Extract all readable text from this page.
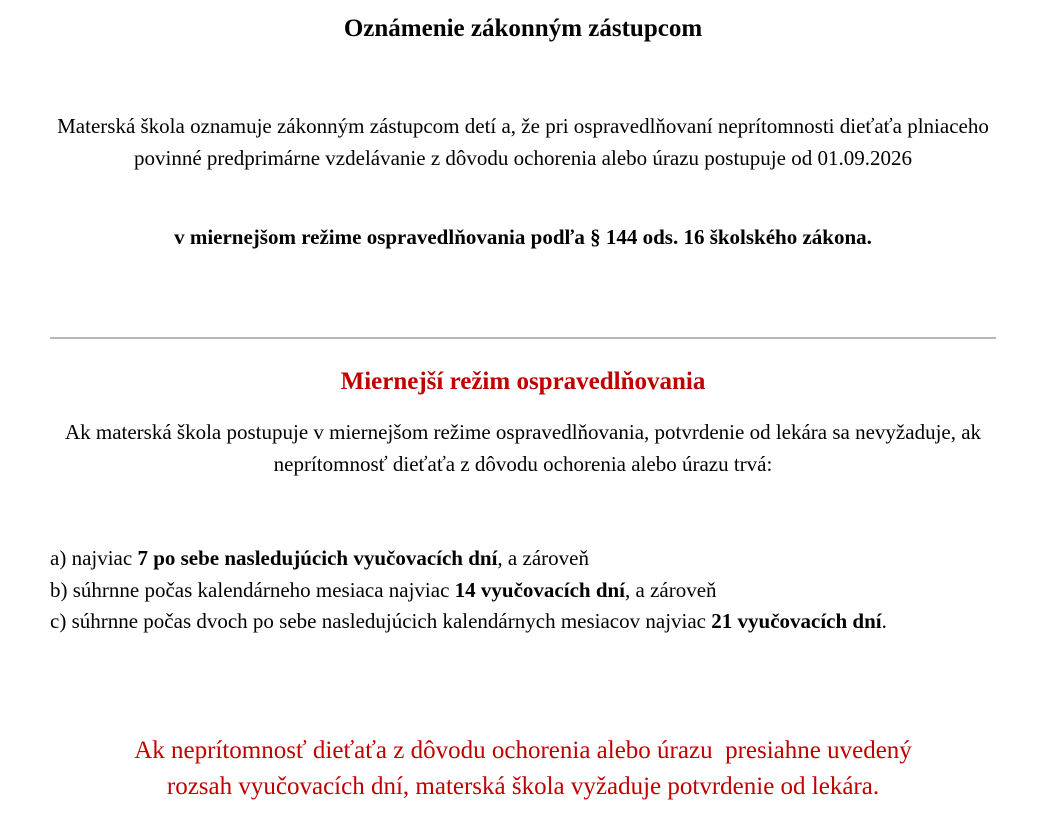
Oznámenie zákonným zástupcom

Materská škola oznamuje zákonným zástupcom detí a, že pri ospravedlňovaní neprítomnosti dieťaťa plniaceho povinné predprimárne vzdelávanie z dôvodu ochorenia alebo úrazu postupuje od 01.09.2026

v miernejšom režime ospravedlňovania podľa § 144 ods. 16 školského zákona.

Miernejší režim ospravedlňovania

Ak materská škola postupuje v miernejšom režime ospravedlňovania, potvrdenie od lekára sa nevyžaduje, ak neprítomnosť dieťaťa z dôvodu ochorenia alebo úrazu trvá:

a) najviac 7 po sebe nasledujúcich vyučovacích dní, a zároveň
b) súhrnne počas kalendárneho mesiaca najviac 14 vyučovacích dní, a zároveň
c) súhrnne počas dvoch po sebe nasledujúcich kalendárnych mesiacov najviac 21 vyučovacích dní.

Ak neprítomnosť dieťaťa z dôvodu ochorenia alebo úrazu  presiahne uvedený
rozsah vyučovacích dní, materská škola vyžaduje potvrdenie od lekára.
